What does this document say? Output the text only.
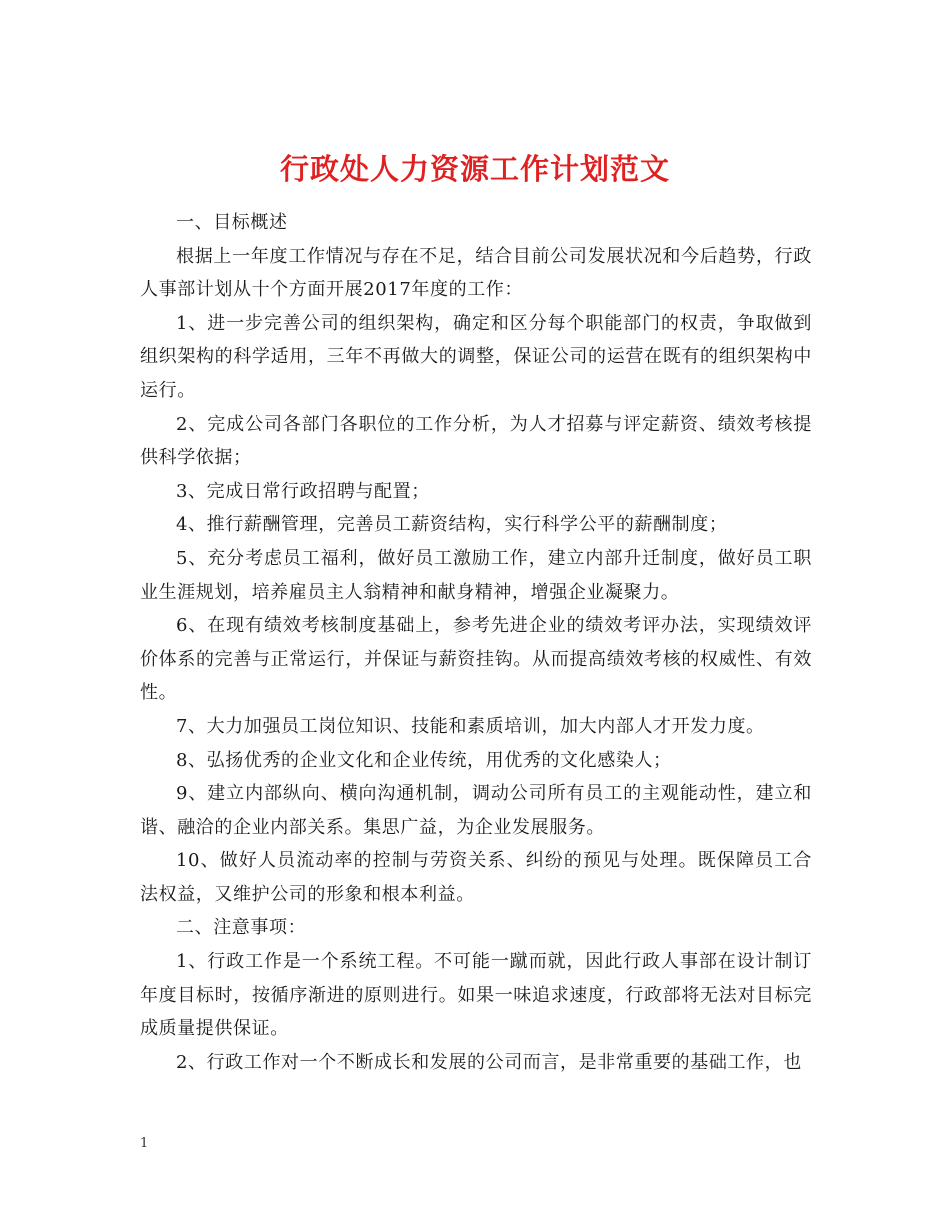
行政处人力资源工作计划范文

一、目标概述

根据上一年度工作情况与存在不足，结合目前公司发展状况和今后趋势，行政人事部计划从十个方面开展2017年度的工作：

1、进一步完善公司的组织架构，确定和区分每个职能部门的权责，争取做到组织架构的科学适用，三年不再做大的调整，保证公司的运营在既有的组织架构中运行。

2、完成公司各部门各职位的工作分析，为人才招募与评定薪资、绩效考核提供科学依据；

3、完成日常行政招聘与配置；

4、推行薪酬管理，完善员工薪资结构，实行科学公平的薪酬制度；

5、充分考虑员工福利，做好员工激励工作，建立内部升迁制度，做好员工职业生涯规划，培养雇员主人翁精神和献身精神，增强企业凝聚力。

6、在现有绩效考核制度基础上，参考先进企业的绩效考评办法，实现绩效评价体系的完善与正常运行，并保证与薪资挂钩。从而提高绩效考核的权威性、有效性。

7、大力加强员工岗位知识、技能和素质培训，加大内部人才开发力度。

8、弘扬优秀的企业文化和企业传统，用优秀的文化感染人；

9、建立内部纵向、横向沟通机制，调动公司所有员工的主观能动性，建立和谐、融洽的企业内部关系。集思广益，为企业发展服务。

10、做好人员流动率的控制与劳资关系、纠纷的预见与处理。既保障员工合法权益，又维护公司的形象和根本利益。

二、注意事项：

1、行政工作是一个系统工程。不可能一蹴而就，因此行政人事部在设计制订年度目标时，按循序渐进的原则进行。如果一味追求速度，行政部将无法对目标完成质量提供保证。

2、行政工作对一个不断成长和发展的公司而言，是非常重要的基础工作，也

1
